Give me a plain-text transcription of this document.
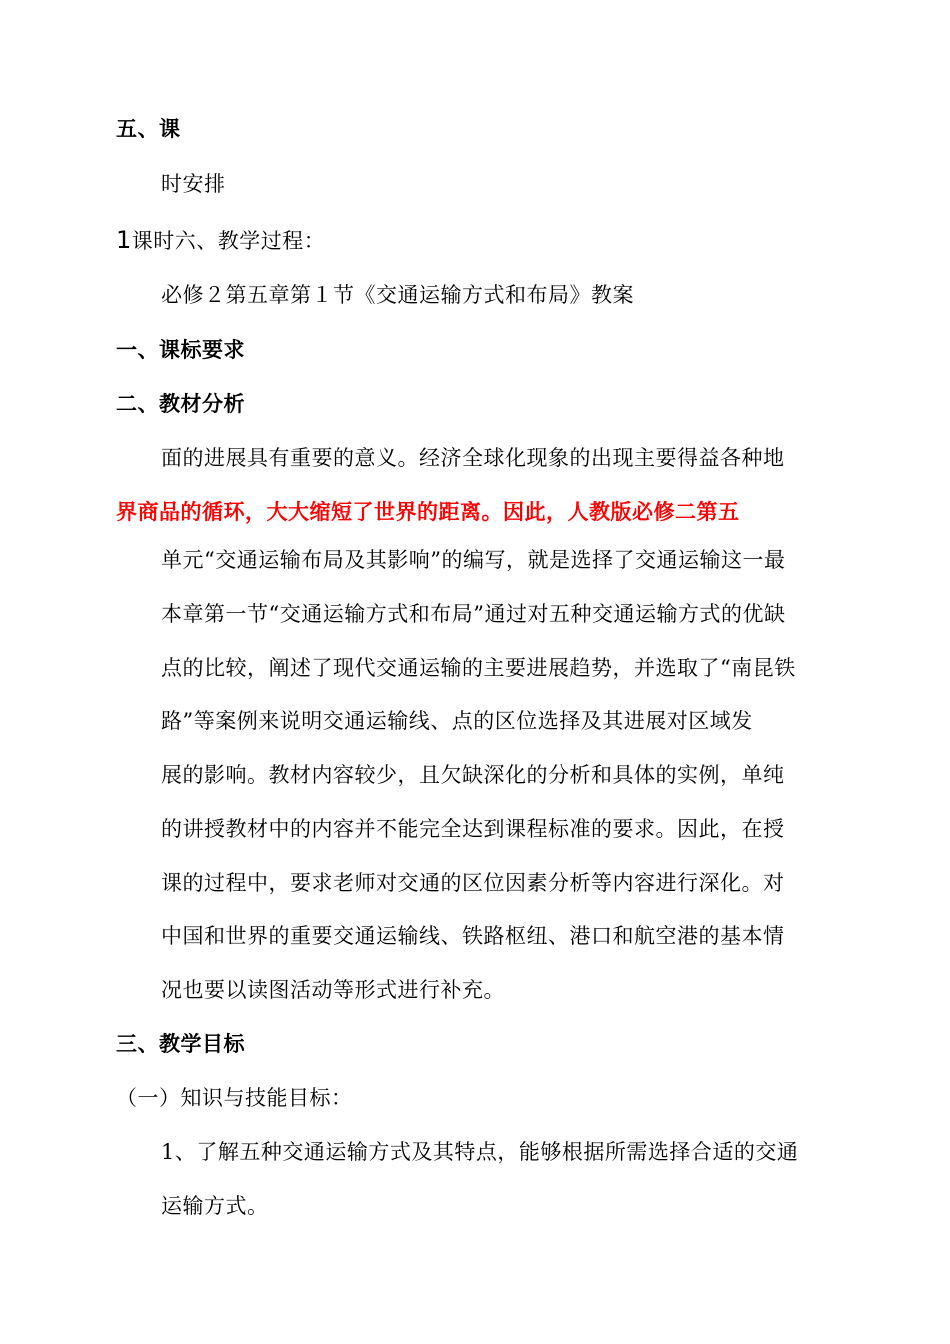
五、课
时安排
1课时六、教学过程：
必修２第五章第１节《交通运输方式和布局》教案
一、课标要求
二、教材分析
面的进展具有重要的意义。经济全球化现象的出现主要得益各种地
界商品的循环，大大缩短了世界的距离。因此，人教版必修二第五
单元“交通运输布局及其影响”的编写，就是选择了交通运输这一最
本章第一节“交通运输方式和布局”通过对五种交通运输方式的优缺
点的比较，阐述了现代交通运输的主要进展趋势，并选取了“南昆铁
路”等案例来说明交通运输线、点的区位选择及其进展对区域发
展的影响。教材内容较少，且欠缺深化的分析和具体的实例，单纯
的讲授教材中的内容并不能完全达到课程标准的要求。因此，在授
课的过程中，要求老师对交通的区位因素分析等内容进行深化。对
中国和世界的重要交通运输线、铁路枢纽、港口和航空港的基本情
况也要以读图活动等形式进行补充。
三、教学目标
（一）知识与技能目标：
1、了解五种交通运输方式及其特点，能够根据所需选择合适的交通
运输方式。
